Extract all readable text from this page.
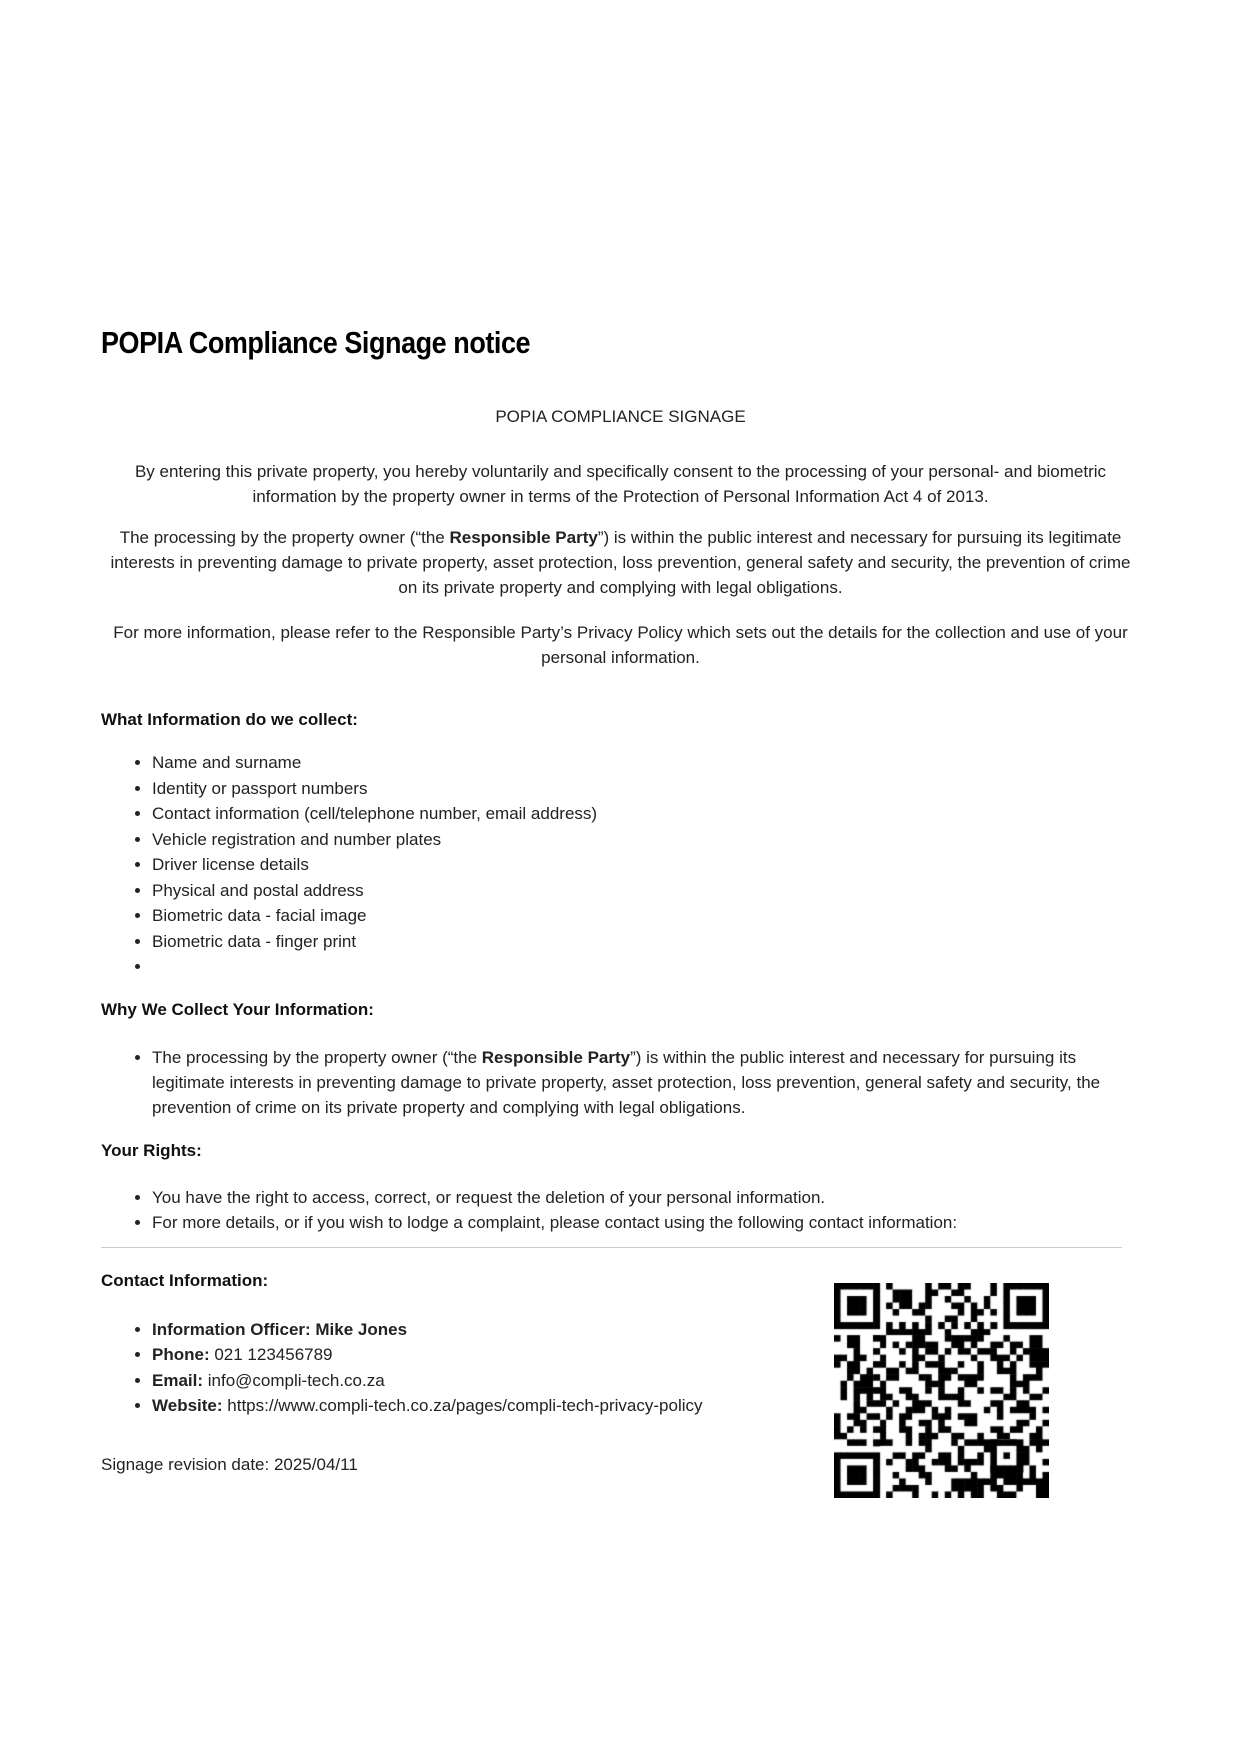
POPIA Compliance Signage notice

POPIA COMPLIANCE SIGNAGE

By entering this private property, you hereby voluntarily and specifically consent to the processing of your personal- and biometric information by the property owner in terms of the Protection of Personal Information Act 4 of 2013.

The processing by the property owner (“the Responsible Party”) is within the public interest and necessary for pursuing its legitimate interests in preventing damage to private property, asset protection, loss prevention, general safety and security, the prevention of crime on its private property and complying with legal obligations.

For more information, please refer to the Responsible Party’s Privacy Policy which sets out the details for the collection and use of your personal information.

What Information do we collect:
• Name and surname
• Identity or passport numbers
• Contact information (cell/telephone number, email address)
• Vehicle registration and number plates
• Driver license details
• Physical and postal address
• Biometric data - facial image
• Biometric data - finger print
•
Why We Collect Your Information:
• The processing by the property owner (“the Responsible Party”) is within the public interest and necessary for pursuing its legitimate interests in preventing damage to private property, asset protection, loss prevention, general safety and security, the prevention of crime on its private property and complying with legal obligations.
Your Rights:
• You have the right to access, correct, or request the deletion of your personal information.
• For more details, or if you wish to lodge a complaint, please contact using the following contact information:
Contact Information:
• Information Officer: Mike Jones
• Phone: 021 123456789
• Email: info@compli-tech.co.za
• Website: https://www.compli-tech.co.za/pages/compli-tech-privacy-policy

Signage revision date: 2025/04/11
